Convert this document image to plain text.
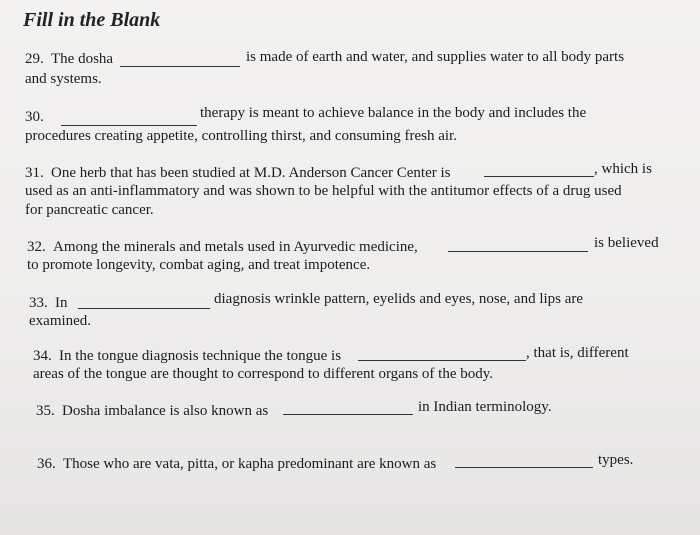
Fill in the Blank
29. The dosha	is made of earth and water, and supplies water to all body parts
and systems.
30.	therapy is meant to achieve balance in the body and includes the
procedures creating appetite, controlling thirst, and consuming fresh air.
31. One herb that has been studied at M.D. Anderson Cancer Center is	, which is
used as an anti-inflammatory and was shown to be helpful with the antitumor effects of a drug used
for pancreatic cancer.
32. Among the minerals and metals used in Ayurvedic medicine,	is believed
to promote longevity, combat aging, and treat impotence.
33. In	diagnosis wrinkle pattern, eyelids and eyes, nose, and lips are
examined.
34. In the tongue diagnosis technique the tongue is	, that is, different
areas of the tongue are thought to correspond to different organs of the body.
35. Dosha imbalance is also known as	in Indian terminology.
36. Those who are vata, pitta, or kapha predominant are known as	types.
